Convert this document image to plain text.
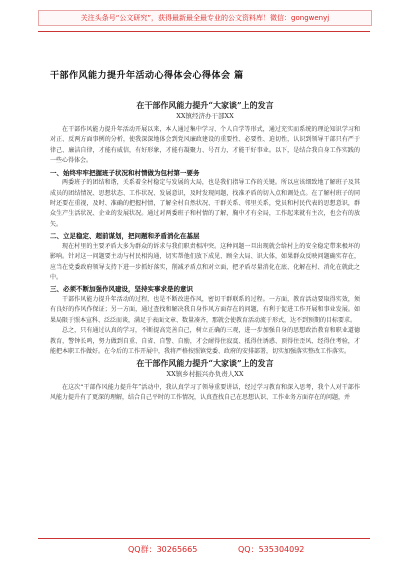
关注头条号“公文研究”，获得最新最全最专业的公文资料库！微信：gongwenyj
干部作风能力提升年活动心得体会心得体会 篇

在干部作风能力提升“大家谈”上的发言

XX镇经济办干部XX

在干部作风能力提升年活动开展以来，本人通过集中学习、个人自学等形式，通过充实而系统的理论知识学习和对正、反两方面事例的分析，使我深深地体会到党风廉政建设的重要性、必要性、迫切性，认识到领导干部只有严于律己、廉洁自律，才能有威信，有好形象，才能有凝聚力、号召力，才能干好事业。以下，是结合我自身工作实践的一些心得体会。

一、始终牢牢把握班子状况和村情做为包村第一要务

两委班子的团结和谐，关系着全村稳定与发展的大局，也是我们指导工作的关键。所以应该细致地了解班子及其成员的团结情况、思想状态、工作状况、发展意识，及时发现问题，找准矛盾的切入点和调处点。在了解村班子的同时还要在重视，及时、准确的把握村情，了解全村自然状况、干群关系、邻里关系，党员和村民代表的思想意识，群众生产生活状况、企业的发展状况。通过对两委班子和村情的了解，胸中才有全局，工作起来就有主次，也会有的放矢。

二、立足稳定、超前谋划，把问题和矛盾消化在基层

现在村里的主要矛盾大多为群众的诉求与我们职责相冲突。这种问题一旦出现就会给村上的安全稳定带来极坏的影响。针对这一问题要主动与村民相沟通，切实帮他们放下成见、顾全大局、识大体，如果群众反映问题确实存在，应当在党委政府领导支持下进一步抓好落实，削减矛盾点和对立面，把矛盾尽量消化在底、化解在村、消化在就此之中。

三、必须不断加强作风建设，坚持实事求是的意识

干部作风能力提升年活动的过程，也是不断改进作风，密切干群联系的过程。一方面，教育活动要取得实效，须有良好的作风作保证；另一方面，通过查找和解决我自身作风方面存在的问题，有利于促进工作开展和事业发展。如果局限于照本宣科、泛泛而谈，满足于表面文章、数量凑齐，那就会使教育活动流于形式，达不到预期的目标要求。

总之，只有通过认真的学习，不断提高完善自己，树立正确的三观，进一步加强自身的思想政治教育和职业道德教育，警钟长鸣，努力做到自重、自省、自警、自励，才会耐得住寂寞、抵得住诱惑、顶得住歪风、经得住考验，才能把本职工作做好。在今后的工作开展中，我将严格按照镇党委、政府的安排部署，切实加强落实整改工作落实。

在干部作风能力提升“大家谈”上的发言

XX镇乡村振兴办负责人XX

在这次“干部作风能力提升年”活动中，我认真学习了领导重要讲话，经过学习教育和深入思考，我个人对干部作风能力提升有了更深的理解，结合自己平时的工作情况，认真查找自己在思想认识、工作业务方面存在的问题，并

QQ群：30265665	QQ：535304092
